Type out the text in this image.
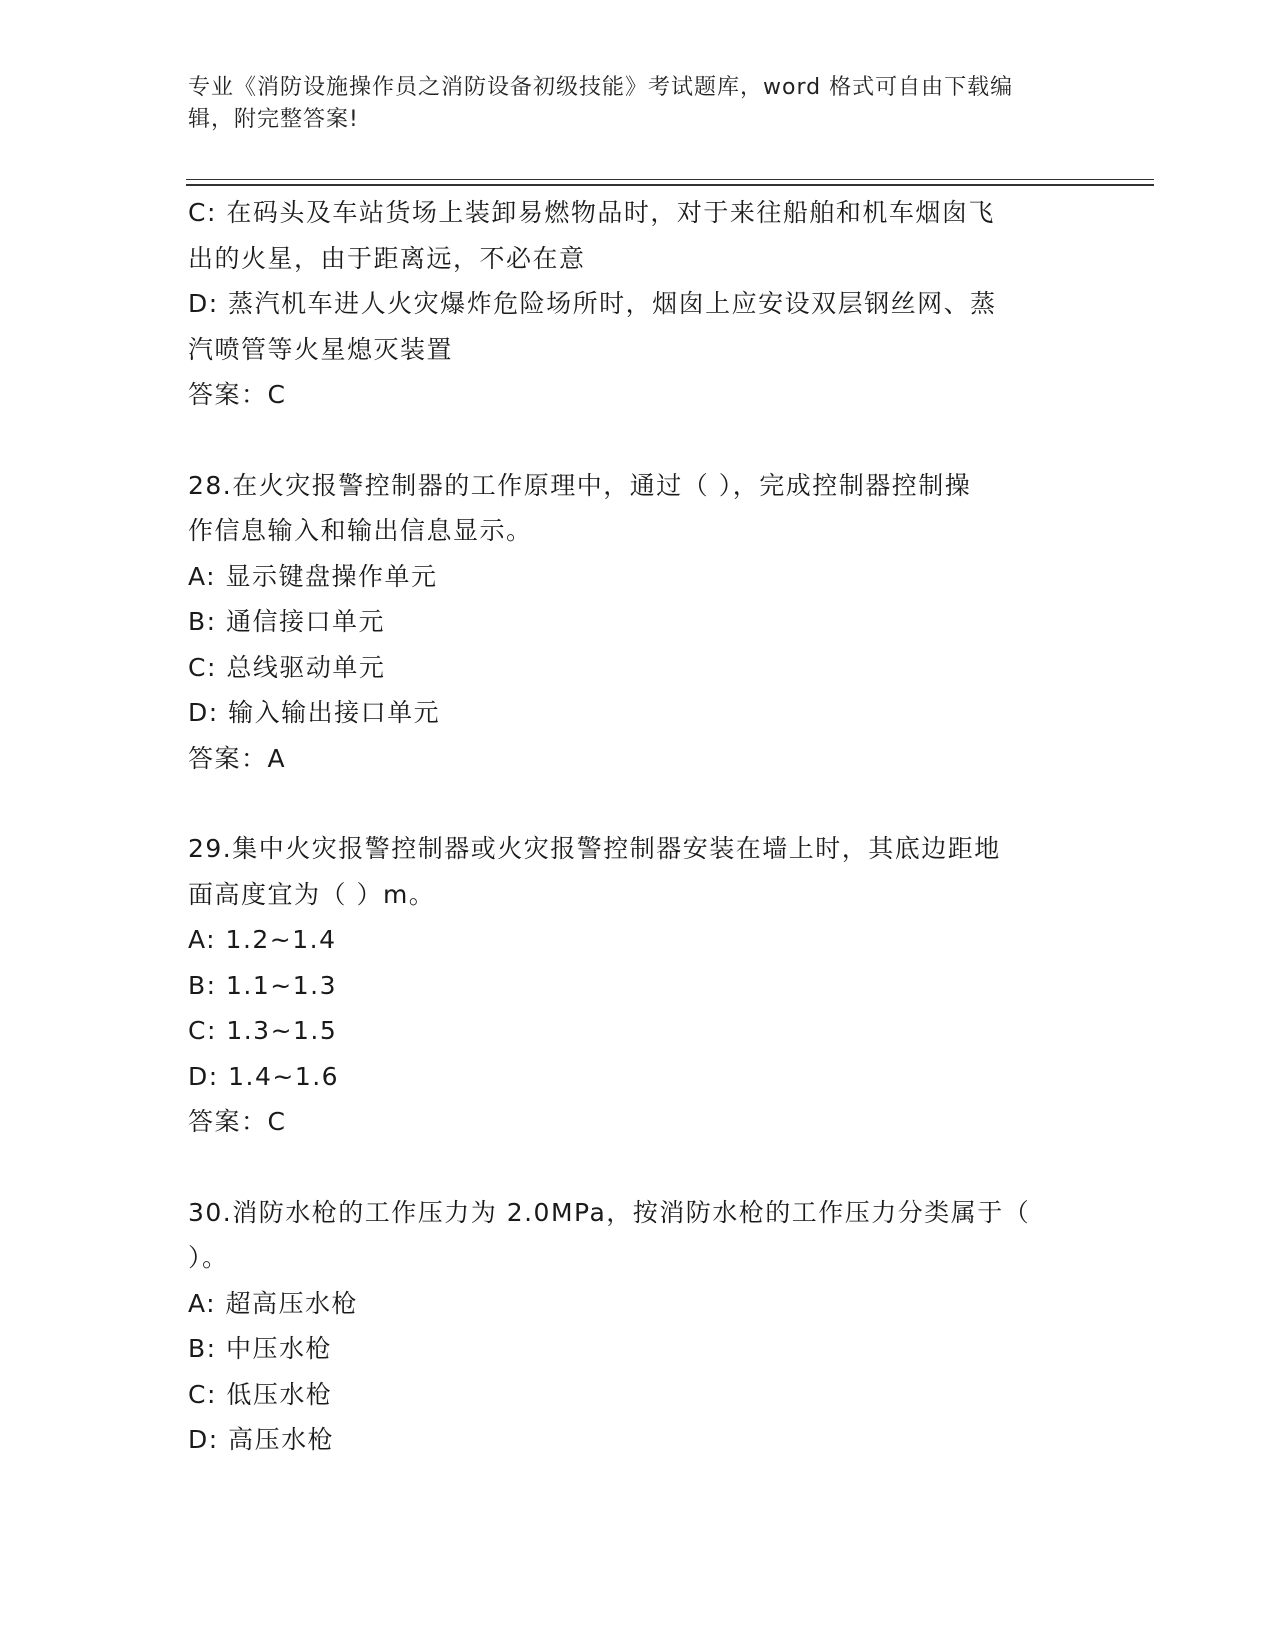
专业《消防设施操作员之消防设备初级技能》考试题库，word 格式可自由下载编
辑，附完整答案!
C: 在码头及车站货场上装卸易燃物品时，对于来往船舶和机车烟囱飞
出的火星，由于距离远，不必在意
D: 蒸汽机车进人火灾爆炸危险场所时，烟囱上应安设双层钢丝网、蒸
汽喷管等火星熄灭装置
答案：C
28.在火灾报警控制器的工作原理中，通过（ ），完成控制器控制操
作信息输入和输出信息显示。
A: 显示键盘操作单元
B: 通信接口单元
C: 总线驱动单元
D: 输入输出接口单元
答案：A
29.集中火灾报警控制器或火灾报警控制器安装在墙上时，其底边距地
面高度宜为（ ）m。
A: 1.2~1.4
B: 1.1~1.3
C: 1.3~1.5
D: 1.4~1.6
答案：C
30.消防水枪的工作压力为 2.0MPa，按消防水枪的工作压力分类属于（
）。
A: 超高压水枪
B: 中压水枪
C: 低压水枪
D: 高压水枪
